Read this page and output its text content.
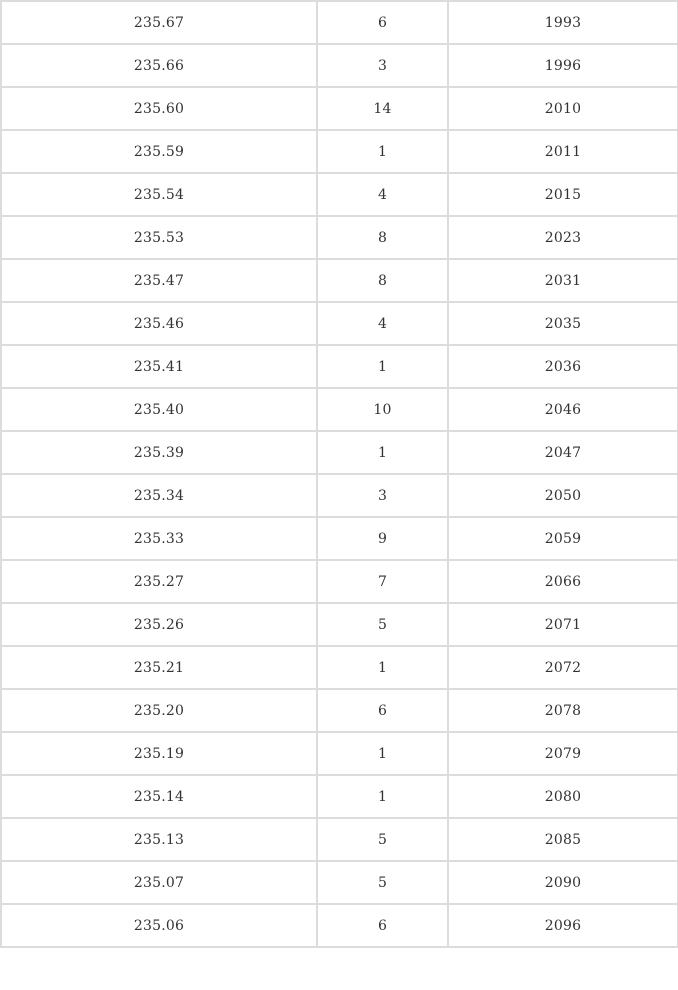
235.67	6	1993
235.66	3	1996
235.60	14	2010
235.59	1	2011
235.54	4	2015
235.53	8	2023
235.47	8	2031
235.46	4	2035
235.41	1	2036
235.40	10	2046
235.39	1	2047
235.34	3	2050
235.33	9	2059
235.27	7	2066
235.26	5	2071
235.21	1	2072
235.20	6	2078
235.19	1	2079
235.14	1	2080
235.13	5	2085
235.07	5	2090
235.06	6	2096
